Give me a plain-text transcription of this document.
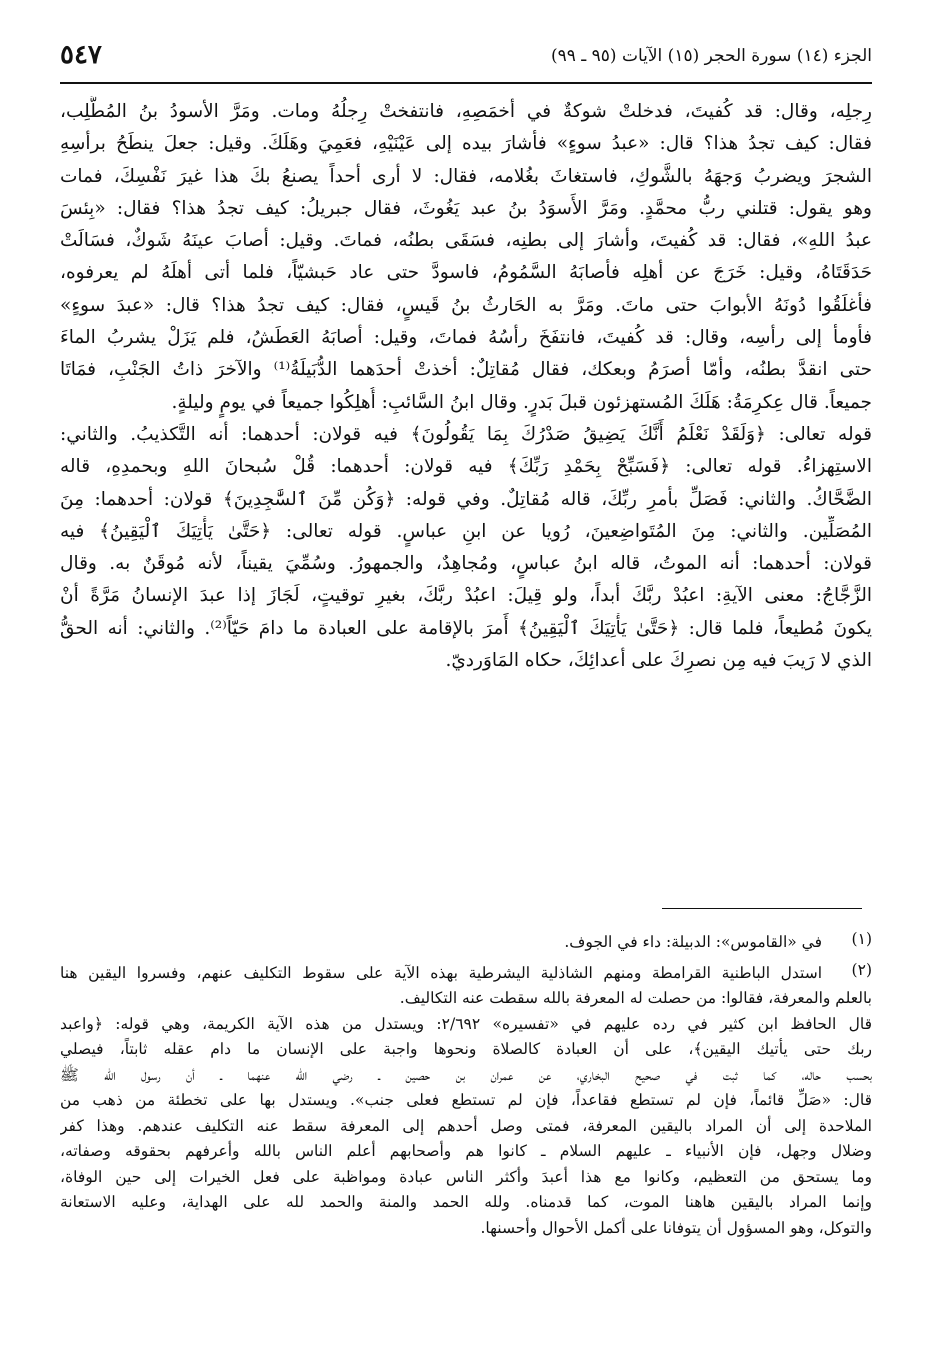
الجزء (١٤) سورة الحجر (١٥) الآيات (٩٥ ـ ٩٩)
٥٤٧
رِجلِه، وقال: قد كُفيتَ، فدخلتْ شوكةٌ في أخمَصِهِ، فانتفختْ رِجلُهُ ومات. ومَرَّ الأسودُ بنُ المُطَّلِب،
فقال: كيف تجدُ هذا؟ قال: «عبدُ سوءٍ» فأشارَ بيده إلى عَيْنَيْهِ، فعَمِيَ وهَلَكَ. وقيل: جعلَ ينطَحُ برأسِهِ
الشجرَ ويضربُ وَجهَهُ بالشَّوكِ، فاستغاثَ بغُلامه، فقال: لا أرى أحداً يصنعُ بكَ هذا غيرَ نَفْسِكَ، فمات
وهو يقول: قتلني ربُّ محمَّدٍ. ومَرَّ الأَسوَدُ بنُ عبد يَغُوثَ، فقال جبريلُ: كيف تجدُ هذا؟ فقال: «بِئسَ
عبدُ اللهِ»، فقال: قد كُفيتَ، وأشارَ إلى بطنِه، فسَقَى بطنُه، فماتَ. وقيل: أصابَ عينَهُ شَوكٌ، فسَالَتْ
حَدَقَتَاهُ، وقيل: خَرَجَ عن أهلِه فأصابَهُ السَّمُومُ، فاسودَّ حتى عاد حَبشيّاً، فلما أتى أهلَهُ لم يعرفوه،
فأغلَقُوا دُونَهُ الأبوابَ حتى ماتَ. ومَرَّ به الحَارثُ بنُ قَيسٍ، فقال: كيف تجدُ هذا؟ قال: «عبدَ سوءٍ»
فأومأ إلى رأسِه، وقال: قد كُفيتَ، فانتفَخَ رأسُهُ فماتَ، وقيل: أصابَهُ العَطَشُ، فلم يَزَلْ يشربُ الماءَ
حتى انقدَّ بطنُه، وأمّا أصرَمُ وبعكك، فقال مُقاتِلٌ: أخذتْ أحدَهما الدُّبَيلَةُ⁽¹⁾ والآخرَ ذاتُ الجَنْبِ، فمَاتَا
جميعاً. قال عِكرِمَةُ: هَلَكَ المُستهزئون قبلَ بَدرٍ. وقال ابنُ السَّائبِ: أُهلِكُوا جميعاً في يومٍ وليلةٍ.
قوله تعالى: ﴿وَلَقَدْ نَعْلَمُ أَنَّكَ يَضِيقُ صَدْرُكَ بِمَا يَقُولُونَ﴾ فيه قولان: أحدهما: أنه التَّكذيبُ. والثاني:
الاستِهزاءُ. قوله تعالى: ﴿فَسَبِّحْ بِحَمْدِ رَبِّكَ﴾ فيه قولان: أحدهما: قُلْ سُبحانَ اللهِ وبحمدِهِ، قاله
الضَّحَّاكُ. والثاني: فَصَلِّ بأمرِ ربِّكَ، قاله مُقاتِلٌ. وفي قوله: ﴿وَكُن مِّنَ ٱلسَّٰجِدِينَ﴾ قولان: أحدهما: مِنَ
المُصَلِّين. والثاني: مِنَ المُتَواضِعينَ، رُويا عن ابنِ عباسٍ. قوله تعالى: ﴿حَتَّىٰ يَأْتِيَكَ ٱلْيَقِينُ﴾ فيه
قولان: أحدهما: أنه الموتُ، قاله ابنُ عباسٍ، ومُجاهِدٌ، والجمهورُ. وسُمِّيَ يقيناً، لأنه مُوقَنٌ به. وقال
الزَّجَّاجُ: معنى الآيةِ: اعبُدْ ربَّكَ أبداً، ولو قِيلَ: اعبُدْ ربَّكَ، بغيرِ توقيتٍ، لَجَازَ إذا عبدَ الإنسانُ مَرَّةً أنْ
يكونَ مُطيعاً، فلما قال: ﴿حَتَّىٰ يَأْتِيَكَ ٱلْيَقِينُ﴾ أَمرَ بالإقامة على العبادة ما دامَ حَيّاً⁽²⁾. والثاني: أنه الحقُّ
الذي لا رَيبَ فيه مِن نصرِكَ على أعدائِكَ، حكاه المَاوَرديّ.
(١)
في «القاموس»: الدبيلة: داء في الجوف.
(٢)
استدل الباطنية القرامطة ومنهم الشاذلية اليشرطية بهذه الآية على سقوط التكليف عنهم، وفسروا اليقين هنا
بالعلم والمعرفة، فقالوا: من حصلت له المعرفة بالله سقطت عنه التكاليف.
قال الحافظ ابن كثير في رده عليهم في «تفسيره» ٢/٦٩٢: ويستدل من هذه الآية الكريمة، وهي قوله: ﴿واعبد
ربك حتى يأتيك اليقين﴾، على أن العبادة كالصلاة ونحوها واجبة على الإنسان ما دام عقله ثابتاً، فيصلي
بحسب حاله، كما ثبت في صحيح البخاري، عن عمران بن حصين ـ رضي الله عنهما ـ أن رسول الله ﷺ
قال: «صَلِّ قائماً، فإن لم تستطع فقاعداً، فإن لم تستطع فعلى جنب». ويستدل بها على تخطئة من ذهب من
الملاحدة إلى أن المراد باليقين المعرفة، فمتى وصل أحدهم إلى المعرفة سقط عنه التكليف عندهم. وهذا كفر
وضلال وجهل، فإن الأنبياء ـ عليهم السلام ـ كانوا هم وأصحابهم أعلم الناس بالله وأعرفهم بحقوقه وصفاته،
وما يستحق من التعظيم، وكانوا مع هذا أعبدَ وأكثر الناس عبادة ومواظبة على فعل الخيرات إلى حين الوفاة،
وإنما المراد باليقين هاهنا الموت، كما قدمناه. ولله الحمد والمنة والحمد لله على الهداية، وعليه الاستعانة
والتوكل، وهو المسؤول أن يتوفانا على أكمل الأحوال وأحسنها.
